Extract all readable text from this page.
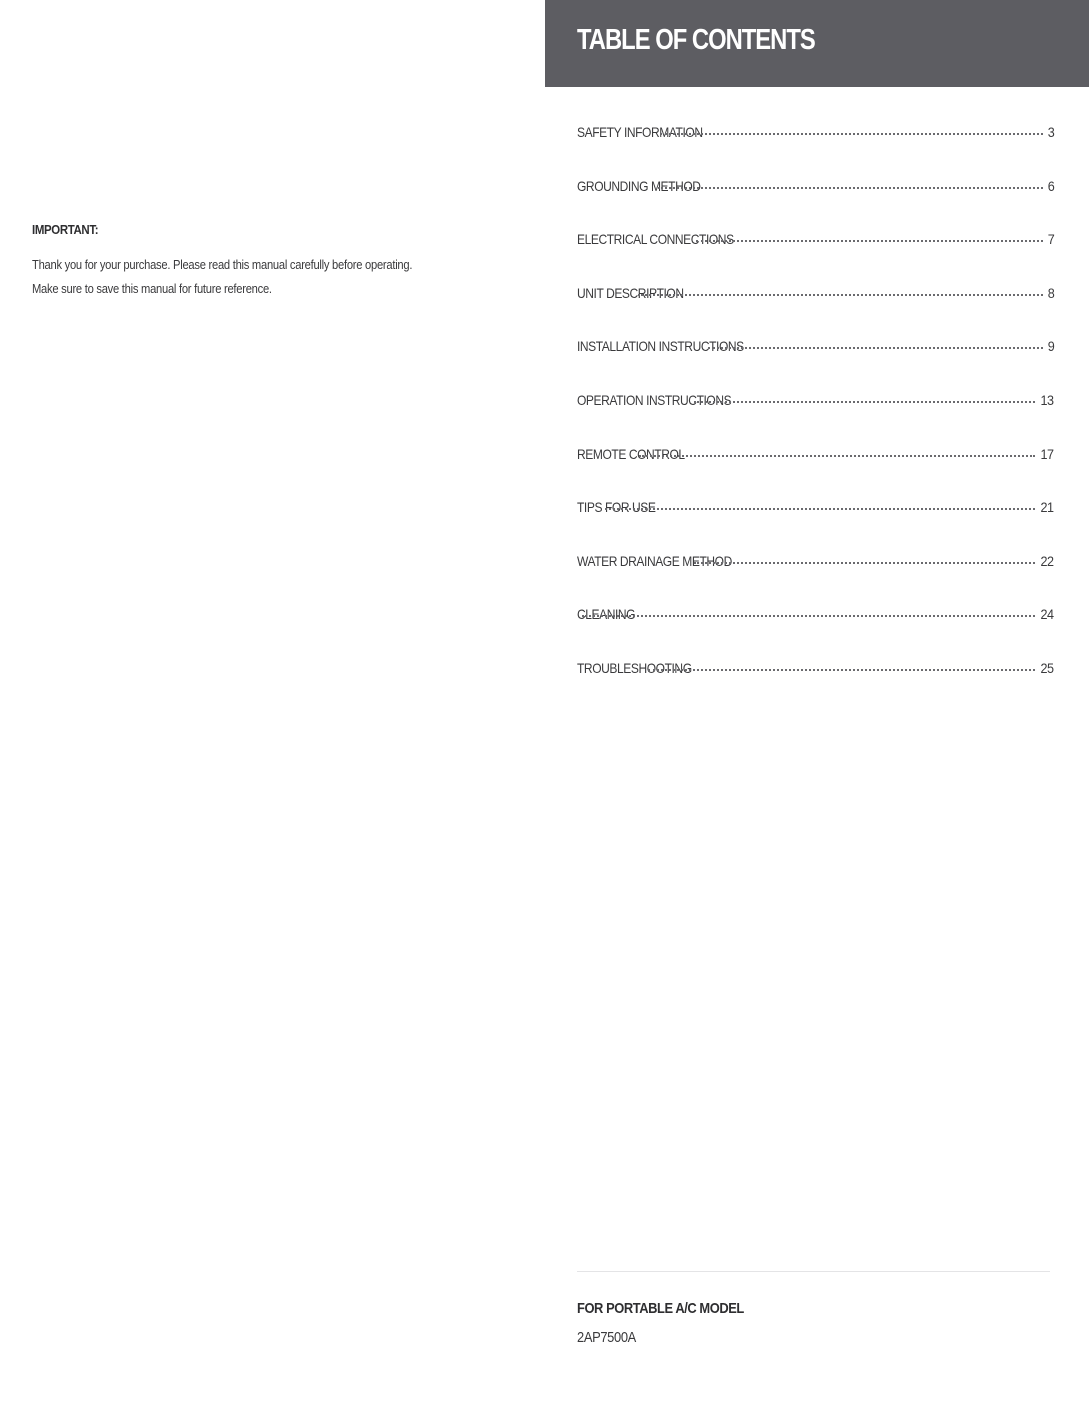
IMPORTANT:
Thank you for your purchase. Please read this manual carefully before operating.
Make sure to save this manual for future reference.
TABLE OF CONTENTS
SAFETY INFORMATION	3
GROUNDING METHOD	6
ELECTRICAL CONNECTIONS	7
UNIT DESCRIPTION	8
INSTALLATION INSTRUCTIONS	9
OPERATION INSTRUCTIONS	13
REMOTE CONTROL	17
TIPS FOR USE	21
WATER DRAINAGE METHOD	22
CLEANING	24
TROUBLESHOOTING	25
FOR PORTABLE A/C MODEL
2AP7500A
